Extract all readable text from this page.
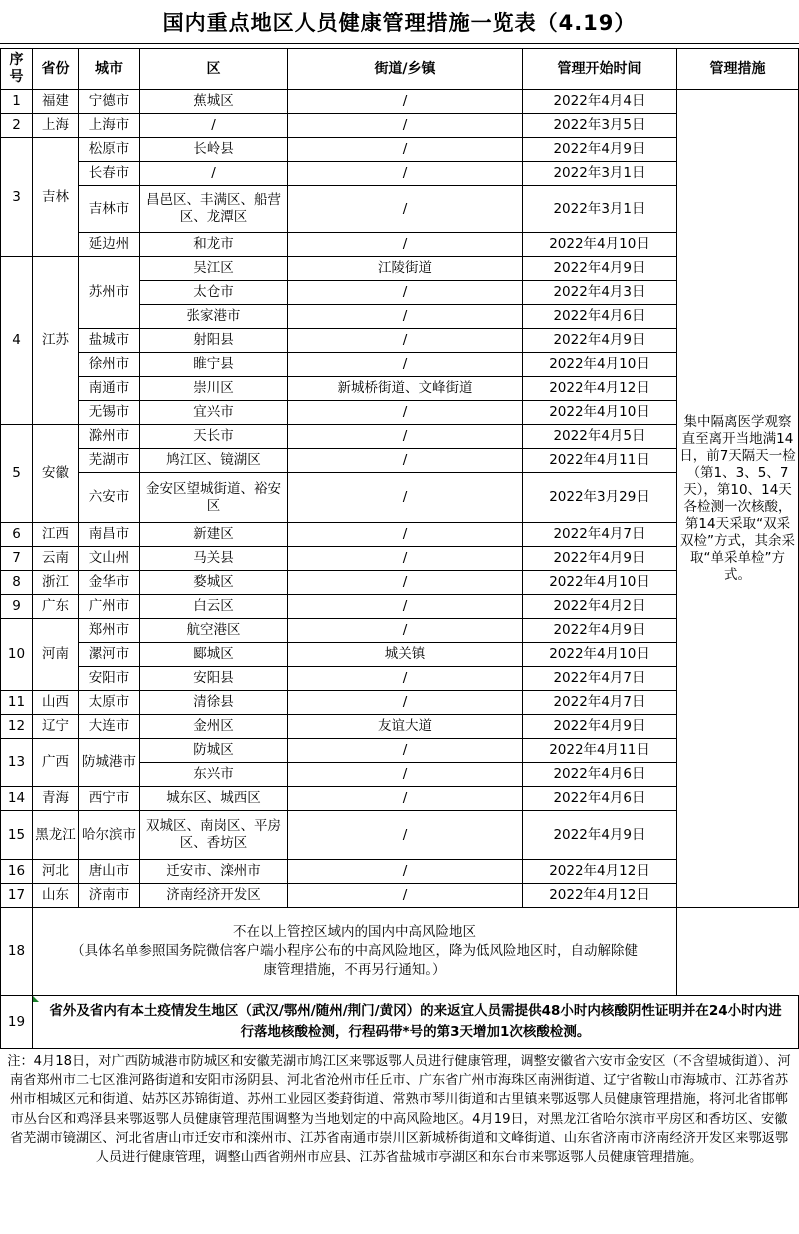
国内重点地区人员健康管理措施一览表（4.19）
序号	省份	城市	区	街道/乡镇	管理开始时间	管理措施
1	福建	宁德市	蕉城区	/	2022年4月4日	集中隔离医学观察直至离开当地满14日，前7天隔天一检（第1、3、5、7天），第10、14天各检测一次核酸，第14天采取“双采双检”方式，其余采取“单采单检”方式。
2	上海	上海市	/	/	2022年3月5日	
3	吉林	松原市	长岭县	/	2022年4月9日	
		长春市	/	/	2022年3月1日	
		吉林市	昌邑区、丰满区、船营区、龙潭区	/	2022年3月1日	
		延边州	和龙市	/	2022年4月10日	
4	江苏	苏州市	吴江区	江陵街道	2022年4月9日	
			太仓市	/	2022年4月3日	
			张家港市	/	2022年4月6日	
		盐城市	射阳县	/	2022年4月9日	
		徐州市	睢宁县	/	2022年4月10日	
		南通市	崇川区	新城桥街道、文峰街道	2022年4月12日	
		无锡市	宜兴市	/	2022年4月10日	
5	安徽	滁州市	天长市	/	2022年4月5日	
		芜湖市	鸠江区、镜湖区	/	2022年4月11日	
		六安市	金安区望城街道、裕安区	/	2022年3月29日	
6	江西	南昌市	新建区	/	2022年4月7日	
7	云南	文山州	马关县	/	2022年4月9日	
8	浙江	金华市	婺城区	/	2022年4月10日	
9	广东	广州市	白云区	/	2022年4月2日	
10	河南	郑州市	航空港区	/	2022年4月9日	
		漯河市	郾城区	城关镇	2022年4月10日	
		安阳市	安阳县	/	2022年4月7日	
11	山西	太原市	清徐县	/	2022年4月7日	
12	辽宁	大连市	金州区	友谊大道	2022年4月9日	
13	广西	防城港市	防城区	/	2022年4月11日	
			东兴市	/	2022年4月6日	
14	青海	西宁市	城东区、城西区	/	2022年4月6日	
15	黑龙江	哈尔滨市	双城区、南岗区、平房区、香坊区	/	2022年4月9日	
16	河北	唐山市	迁安市、滦州市	/	2022年4月12日	
17	山东	济南市	济南经济开发区	/	2022年4月12日	
18	不在以上管控区域内的国内中高风险地区
（具体名单参照国务院微信客户端小程序公布的中高风险地区，降为低风险地区时，自动解除健康管理措施，不再另行通知。）					

19	省外及省内有本土疫情发生地区（武汉/鄂州/随州/荆门/黄冈）的来返宜人员需提供48小时内核酸阴性证明并在24小时内进行落地核酸检测，行程码带*号的第3天增加1次核酸检测。					
注：4月18日，对广西防城港市防城区和安徽芜湖市鸠江区来鄂返鄂人员进行健康管理，调整安徽省六安市金安区（不含望城街道）、河南省郑州市二七区淮河路街道和安阳市汤阴县、河北省沧州市任丘市、广东省广州市海珠区南洲街道、辽宁省鞍山市海城市、江苏省苏州市相城区元和街道、姑苏区苏锦街道、苏州工业园区娄葑街道、常熟市琴川街道和古里镇来鄂返鄂人员健康管理措施，将河北省邯郸市丛台区和鸡泽县来鄂返鄂人员健康管理范围调整为当地划定的中高风险地区。4月19日，对黑龙江省哈尔滨市平房区和香坊区、安徽省芜湖市镜湖区、河北省唐山市迁安市和滦州市、江苏省南通市崇川区新城桥街道和文峰街道、山东省济南市济南经济开发区来鄂返鄂人员进行健康管理，调整山西省朔州市应县、江苏省盐城市亭湖区和东台市来鄂返鄂人员健康管理措施。
